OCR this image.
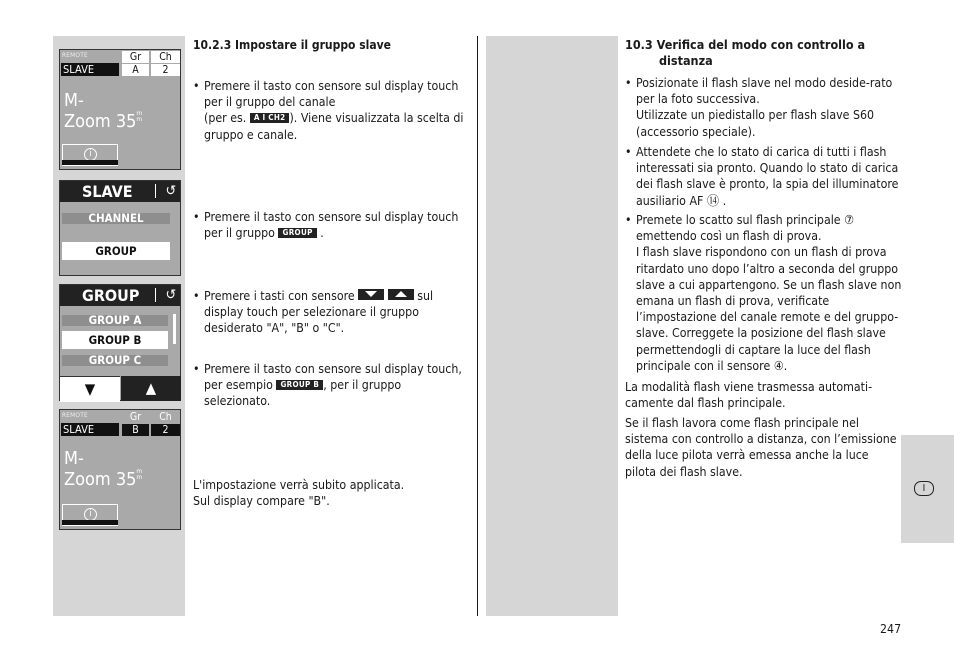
I
REMOTE
SLAVE
Gr
A
Ch
2
M-
Zoom 35m
m
i
SLAVE ↺
CHANNEL
GROUP
GROUP ↺
GROUP A
GROUP B
GROUP C
▼	▲
REMOTE
SLAVE
Gr
B
Ch
2
M-
Zoom 35m
m
i
10.2.3 Impostare il gruppo slave
• Premere il tasto con sensore sul display touch per il gruppo del canale
(per es. A I CH2 ). Viene visualizzata la scelta di gruppo e canale.
• Premere il tasto con sensore sul display touch per il gruppo GROUP .
• Premere i tasti con sensore	sul display touch per selezionare il gruppo desiderato "A", "B" o "C".
• Premere il tasto con sensore sul display touch, per esempio GROUP B , per il gruppo selezionato.
L'impostazione verrà subito applicata.
Sul display compare "B".
10.3 Verifica del modo con controllo a
distanza
• Posizionate il flash slave nel modo deside-rato per la foto successiva.
Utilizzate un piedistallo per flash slave S60 (accessorio speciale).
• Attendete che lo stato di carica di tutti i flash interessati sia pronto. Quando lo stato di carica dei flash slave è pronto, la spia del illuminatore ausiliario AF ⑭ .
• Premete lo scatto sul flash principale ⑦ emettendo così un flash di prova.
I flash slave rispondono con un flash di prova ritardato uno dopo l’altro a seconda del gruppo slave a cui appartengono. Se un flash slave non emana un flash di prova, verificate l’impostazione del canale remote e del gruppo-slave. Correggete la posizione del flash slave permettendogli di captare la luce del flash principale con il sensore ④.
La modalità flash viene trasmessa automati-camente dal flash principale.
Se il flash lavora come flash principale nel sistema con controllo a distanza, con l’emissione della luce pilota verrà emessa anche la luce pilota dei flash slave.
247
